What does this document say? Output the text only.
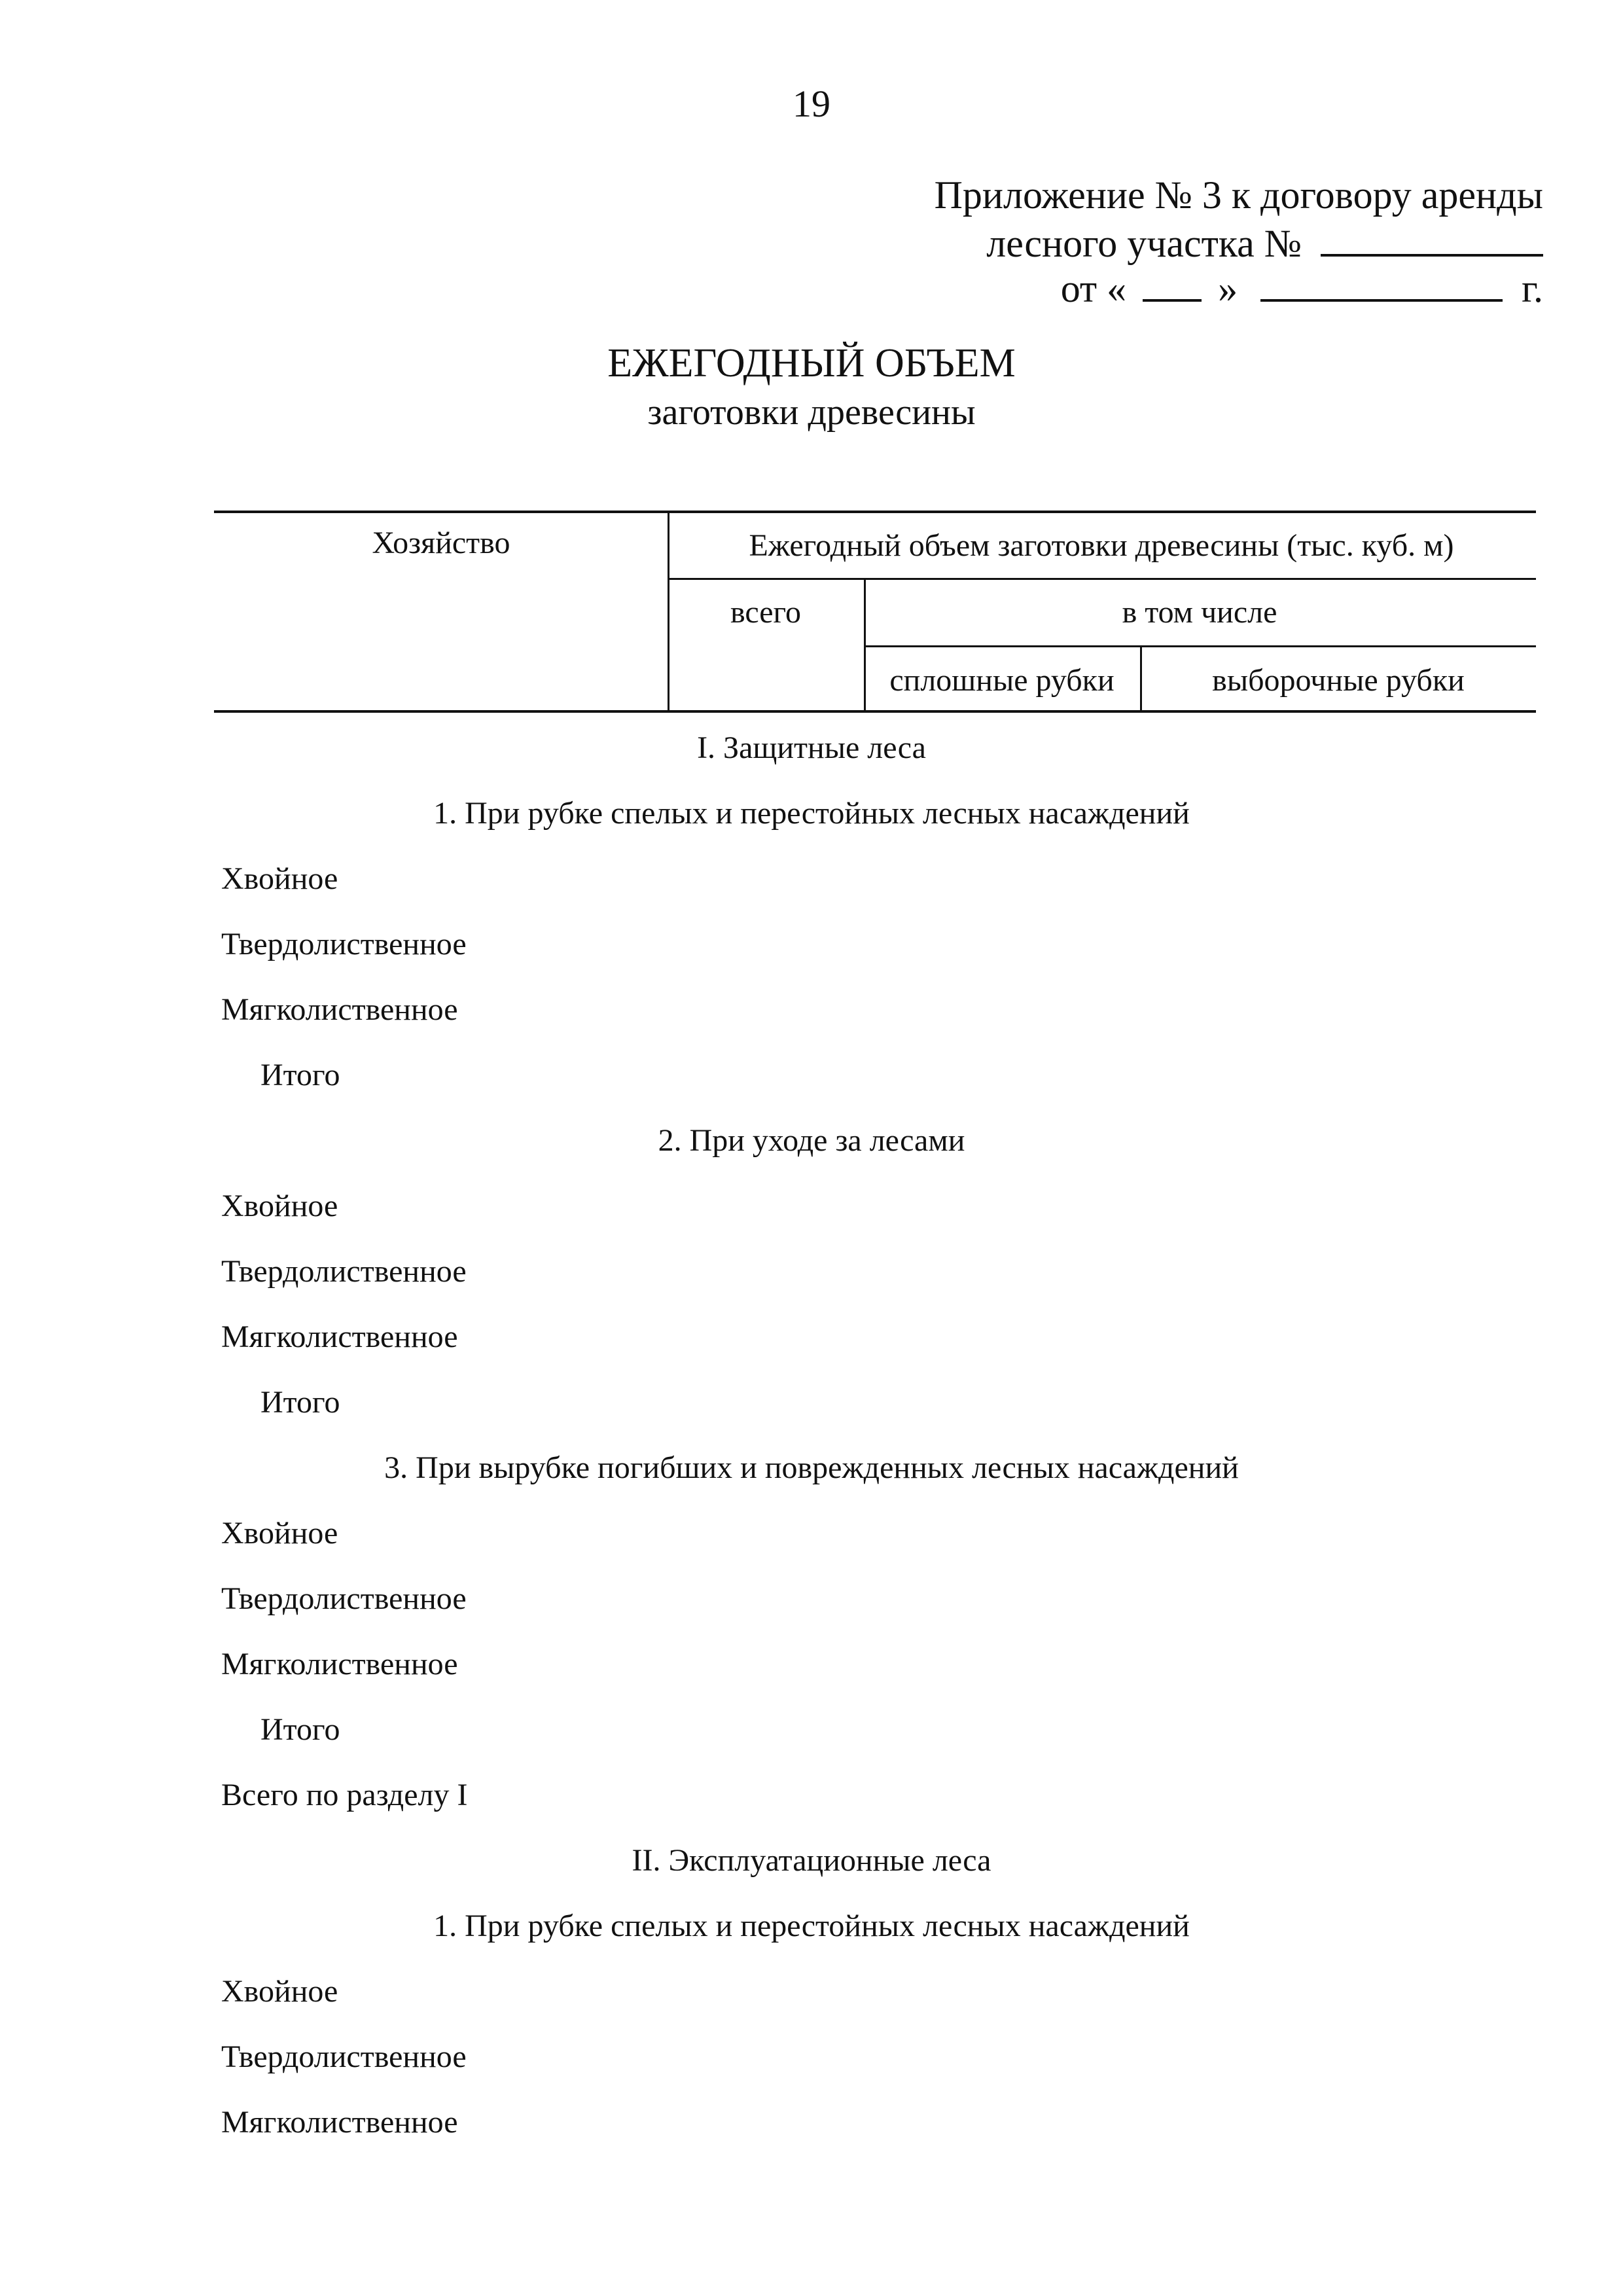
19
Приложение № 3 к договору аренды
лесного участка №
от « »	г.
ЕЖЕГОДНЫЙ ОБЪЕМ
заготовки древесины
Хозяйство	Ежегодный объем заготовки древесины (тыс. куб. м)
всего	в том числе
сплошные рубки	выборочные рубки
I. Защитные леса
1. При рубке спелых и перестойных лесных насаждений
Хвойное
Твердолиственное
Мягколиственное
Итого
2. При уходе за лесами
Хвойное
Твердолиственное
Мягколиственное
Итого
3. При вырубке погибших и поврежденных лесных насаждений
Хвойное
Твердолиственное
Мягколиственное
Итого
Всего по разделу I
II. Эксплуатационные леса
1. При рубке спелых и перестойных лесных насаждений
Хвойное
Твердолиственное
Мягколиственное
